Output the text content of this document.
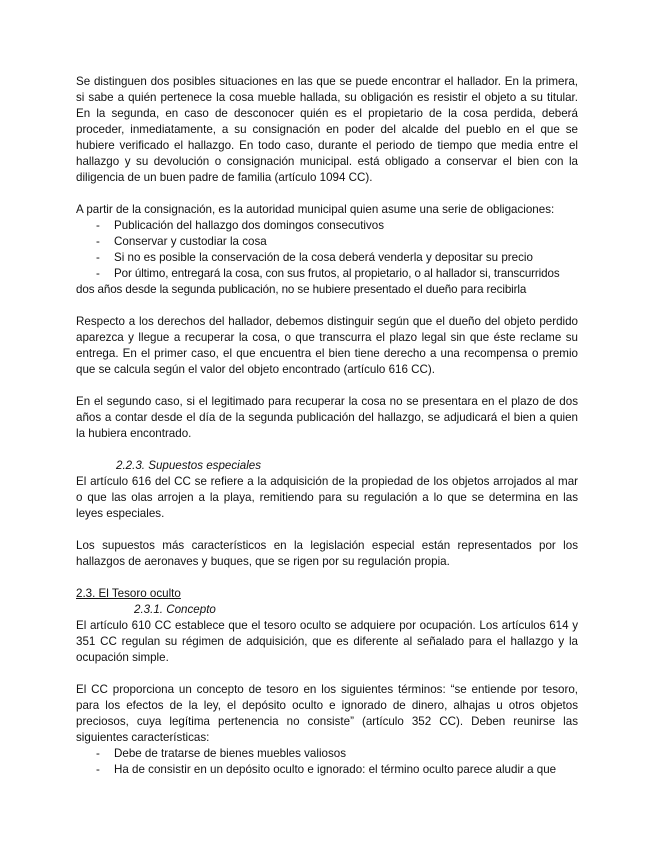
Se distinguen dos posibles situaciones en las que se puede encontrar el hallador. En la primera, si sabe a quién pertenece la cosa mueble hallada, su obligación es resistir el objeto a su titular. En la segunda, en caso de desconocer quién es el propietario de la cosa perdida, deberá proceder, inmediatamente, a su consignación en poder del alcalde del pueblo en el que se hubiere verificado el hallazgo. En todo caso, durante el periodo de tiempo que media entre el hallazgo y su devolución o consignación municipal. está obligado a conservar el bien con la diligencia de un buen padre de familia (artículo 1094 CC).

A partir de la consignación, es la autoridad municipal quien asume una serie de obligaciones:

- Publicación del hallazgo dos domingos consecutivos
- Conservar y custodiar la cosa
- Si no es posible la conservación de la cosa deberá venderla y depositar su precio

- Por último, entregará la cosa, con sus frutos, al propietario, o al hallador si, transcurridos dos años desde la segunda publicación, no se hubiere presentado el dueño para recibirla

Respecto a los derechos del hallador, debemos distinguir según que el dueño del objeto perdido aparezca y llegue a recuperar la cosa, o que transcurra el plazo legal sin que éste reclame su entrega. En el primer caso, el que encuentra el bien tiene derecho a una recompensa o premio que se calcula según el valor del objeto encontrado (artículo 616 CC).

En el segundo caso, si el legitimado para recuperar la cosa no se presentara en el plazo de dos años a contar desde el día de la segunda publicación del hallazgo, se adjudicará el bien a quien la hubiera encontrado.

2.2.3. Supuestos especiales

El artículo 616 del CC se refiere a la adquisición de la propiedad de los objetos arrojados al mar o que las olas arrojen a la playa, remitiendo para su regulación a lo que se determina en las leyes especiales.

Los supuestos más característicos en la legislación especial están representados por los hallazgos de aeronaves y buques, que se rigen por su regulación propia.

2.3. El Tesoro oculto
2.3.1. Concepto

El artículo 610 CC establece que el tesoro oculto se adquiere por ocupación. Los artículos 614 y 351 CC regulan su régimen de adquisición, que es diferente al señalado para el hallazgo y la ocupación simple.

El CC proporciona un concepto de tesoro en los siguientes términos: “se entiende por tesoro, para los efectos de la ley, el depósito oculto e ignorado de dinero, alhajas u otros objetos preciosos, cuya legítima pertenencia no consiste” (artículo 352 CC). Deben reunirse las siguientes características:

- Debe de tratarse de bienes muebles valiosos
- Ha de consistir en un depósito oculto e ignorado: el término oculto parece aludir a que
